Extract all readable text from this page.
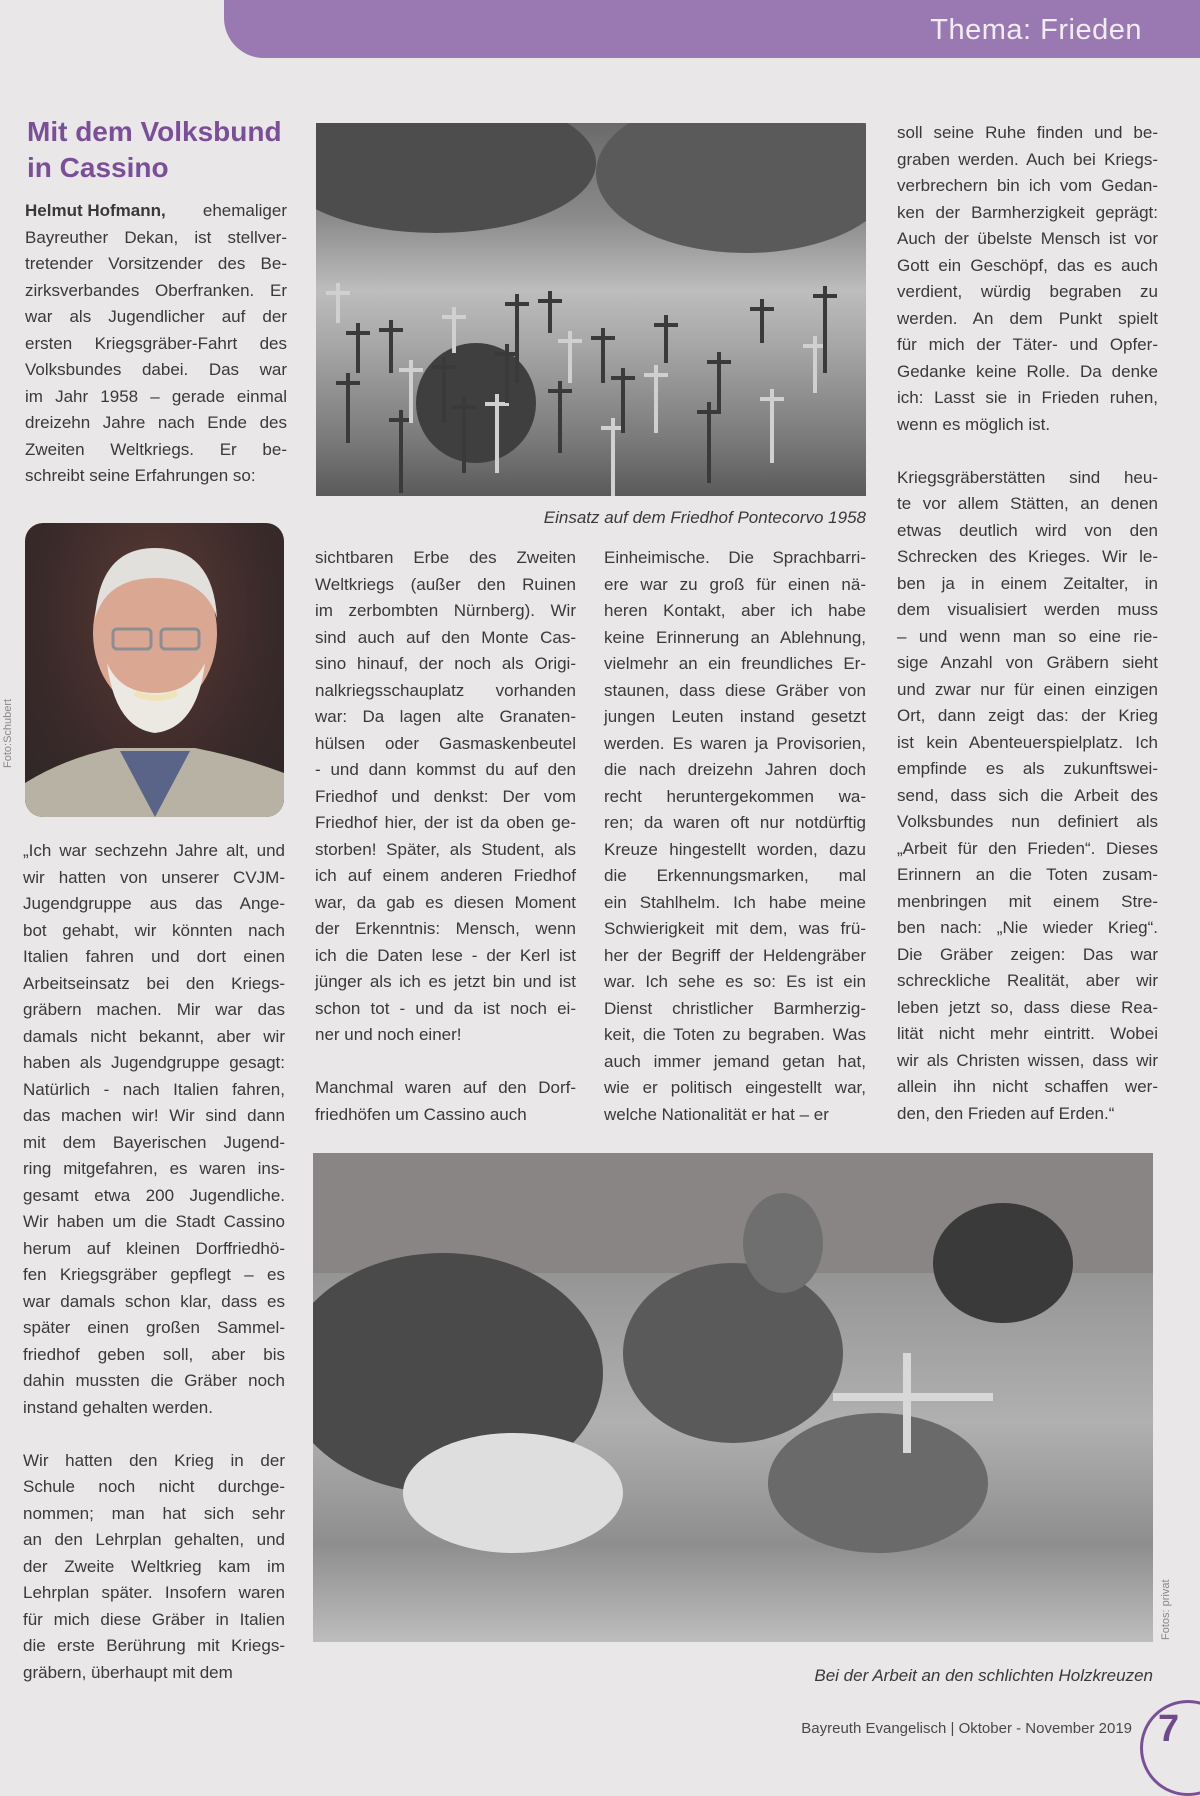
Thema: Frieden
Mit dem Volksbund
in Cassino
Helmut Hofmann, ehemaliger
Bayreuther Dekan, ist stellver-
tretender Vorsitzender des Be-
zirksverbandes Oberfranken. Er
war als Jugendlicher auf der
ersten Kriegsgräber-Fahrt des
Volksbundes dabei. Das war
im Jahr 1958 – gerade einmal
dreizehn Jahre nach Ende des
Zweiten Weltkriegs. Er be-
schreibt seine Erfahrungen so:
Foto:Schubert
Einsatz auf dem Friedhof Pontecorvo 1958
„Ich war sechzehn Jahre alt, und
wir hatten von unserer CVJM-
Jugendgruppe aus das Ange-
bot gehabt, wir könnten nach
Italien fahren und dort einen
Arbeitseinsatz bei den Kriegs-
gräbern machen. Mir war das
damals nicht bekannt, aber wir
haben als Jugendgruppe gesagt:
Natürlich - nach Italien fahren,
das machen wir! Wir sind dann
mit dem Bayerischen Jugend-
ring mitgefahren, es waren ins-
gesamt etwa 200 Jugendliche.
Wir haben um die Stadt Cassino
herum auf kleinen Dorffriedhö-
fen Kriegsgräber gepflegt – es
war damals schon klar, dass es
später einen großen Sammel-
friedhof geben soll, aber bis
dahin mussten die Gräber noch
instand gehalten werden.
Wir hatten den Krieg in der
Schule noch nicht durchge-
nommen; man hat sich sehr
an den Lehrplan gehalten, und
der Zweite Weltkrieg kam im
Lehrplan später. Insofern waren
für mich diese Gräber in Italien
die erste Berührung mit Kriegs-
gräbern, überhaupt mit dem
sichtbaren Erbe des Zweiten
Weltkriegs (außer den Ruinen
im zerbombten Nürnberg). Wir
sind auch auf den Monte Cas-
sino hinauf, der noch als Origi-
nalkriegsschauplatz vorhanden
war: Da lagen alte Granaten-
hülsen oder Gasmaskenbeutel
- und dann kommst du auf den
Friedhof und denkst: Der vom
Friedhof hier, der ist da oben ge-
storben! Später, als Student, als
ich auf einem anderen Friedhof
war, da gab es diesen Moment
der Erkenntnis: Mensch, wenn
ich die Daten lese - der Kerl ist
jünger als ich es jetzt bin und ist
schon tot - und da ist noch ei-
ner und noch einer!
Manchmal waren auf den Dorf-
friedhöfen um Cassino auch
Einheimische. Die Sprachbarri-
ere war zu groß für einen nä-
heren Kontakt, aber ich habe
keine Erinnerung an Ablehnung,
vielmehr an ein freundliches Er-
staunen, dass diese Gräber von
jungen Leuten instand gesetzt
werden. Es waren ja Provisorien,
die nach dreizehn Jahren doch
recht heruntergekommen wa-
ren; da waren oft nur notdürftig
Kreuze hingestellt worden, dazu
die Erkennungsmarken, mal
ein Stahlhelm. Ich habe meine
Schwierigkeit mit dem, was frü-
her der Begriff der Heldengräber
war. Ich sehe es so: Es ist ein
Dienst christlicher Barmherzig-
keit, die Toten zu begraben. Was
auch immer jemand getan hat,
wie er politisch eingestellt war,
welche Nationalität er hat – er
soll seine Ruhe finden und be-
graben werden. Auch bei Kriegs-
verbrechern bin ich vom Gedan-
ken der Barmherzigkeit geprägt:
Auch der übelste Mensch ist vor
Gott ein Geschöpf, das es auch
verdient, würdig begraben zu
werden. An dem Punkt spielt
für mich der Täter- und Opfer-
Gedanke keine Rolle. Da denke
ich: Lasst sie in Frieden ruhen,
wenn es möglich ist.
Kriegsgräberstätten sind heu-
te vor allem Stätten, an denen
etwas deutlich wird von den
Schrecken des Krieges. Wir le-
ben ja in einem Zeitalter, in
dem visualisiert werden muss
– und wenn man so eine rie-
sige Anzahl von Gräbern sieht
und zwar nur für einen einzigen
Ort, dann zeigt das: der Krieg
ist kein Abenteuerspielplatz. Ich
empfinde es als zukunftswei-
send, dass sich die Arbeit des
Volksbundes nun definiert als
„Arbeit für den Frieden“. Dieses
Erinnern an die Toten zusam-
menbringen mit einem Stre-
ben nach: „Nie wieder Krieg“.
Die Gräber zeigen: Das war
schreckliche Realität, aber wir
leben jetzt so, dass diese Rea-
lität nicht mehr eintritt. Wobei
wir als Christen wissen, dass wir
allein ihn nicht schaffen wer-
den, den Frieden auf Erden.“
Fotos: privat
Bei der Arbeit an den schlichten Holzkreuzen
Bayreuth Evangelisch | Oktober - November 2019 7
